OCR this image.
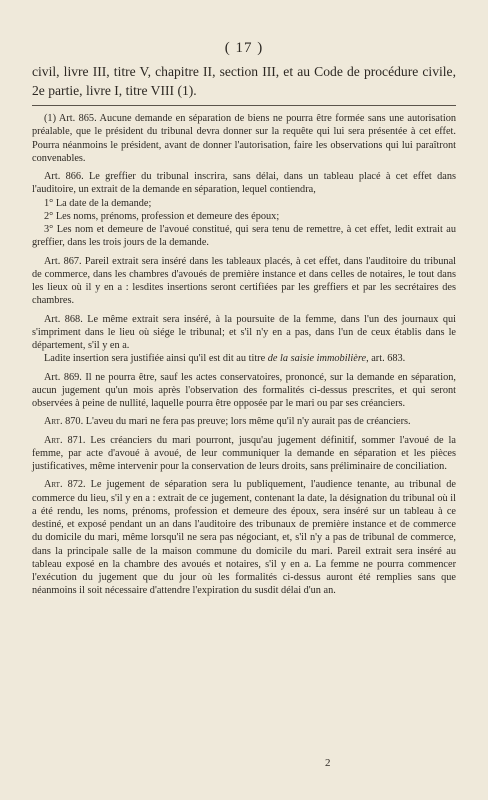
( 17 )
civil, livre III, titre V, chapitre II, section III, et au Code de procédure civile, 2e partie, livre I, titre VIII (1).

(1) Art. 865. Aucune demande en séparation de biens ne pourra être formée sans une autorisation préalable, que le président du tribunal devra donner sur la requête qui lui sera présentée à cet effet. Pourra néanmoins le président, avant de donner l'autorisation, faire les observations qui lui paraîtront convenables.

Art. 866. Le greffier du tribunal inscrira, sans délai, dans un tableau placé à cet effet dans l'auditoire, un extrait de la demande en séparation, lequel contiendra,

1° La date de la demande;
2° Les noms, prénoms, profession et demeure des époux;
3° Les nom et demeure de l'avoué constitué, qui sera tenu de remettre, à cet effet, ledit extrait au greffier, dans les trois jours de la demande.

Art. 867. Pareil extrait sera inséré dans les tableaux placés, à cet effet, dans l'auditoire du tribunal de commerce, dans les chambres d'avoués de première instance et dans celles de notaires, le tout dans les lieux où il y en a : lesdites insertions seront certifiées par les greffiers et par les secrétaires des chambres.

Art. 868. Le même extrait sera inséré, à la poursuite de la femme, dans l'un des journaux qui s'impriment dans le lieu où siége le tribunal; et s'il n'y en a pas, dans l'un de ceux établis dans le département, s'il y en a.

Ladite insertion sera justifiée ainsi qu'il est dit au titre de la saisie immobilière, art. 683.

Art. 869. Il ne pourra être, sauf les actes conservatoires, prononcé, sur la demande en séparation, aucun jugement qu'un mois après l'observation des formalités ci-dessus prescrites, et qui seront observées à peine de nullité, laquelle pourra être opposée par le mari ou par ses créanciers.

Art. 870. L'aveu du mari ne fera pas preuve; lors même qu'il n'y aurait pas de créanciers.

Art. 871. Les créanciers du mari pourront, jusqu'au jugement définitif, sommer l'avoué de la femme, par acte d'avoué à avoué, de leur communiquer la demande en séparation et les pièces justificatives, même intervenir pour la conservation de leurs droits, sans préliminaire de conciliation.

Art. 872. Le jugement de séparation sera lu publiquement, l'audience tenante, au tribunal de commerce du lieu, s'il y en a : extrait de ce jugement, contenant la date, la désignation du tribunal où il a été rendu, les noms, prénoms, profession et demeure des époux, sera inséré sur un tableau à ce destiné, et exposé pendant un an dans l'auditoire des tribunaux de première instance et de commerce du domicile du mari, même lorsqu'il ne sera pas négociant, et, s'il n'y a pas de tribunal de commerce, dans la principale salle de la maison commune du domicile du mari. Pareil extrait sera inséré au tableau exposé en la chambre des avoués et notaires, s'il y en a. La femme ne pourra commencer l'exécution du jugement que du jour où les formalités ci-dessus auront été remplies sans que néanmoins il soit nécessaire d'attendre l'expiration du susdit délai d'un an.

2
